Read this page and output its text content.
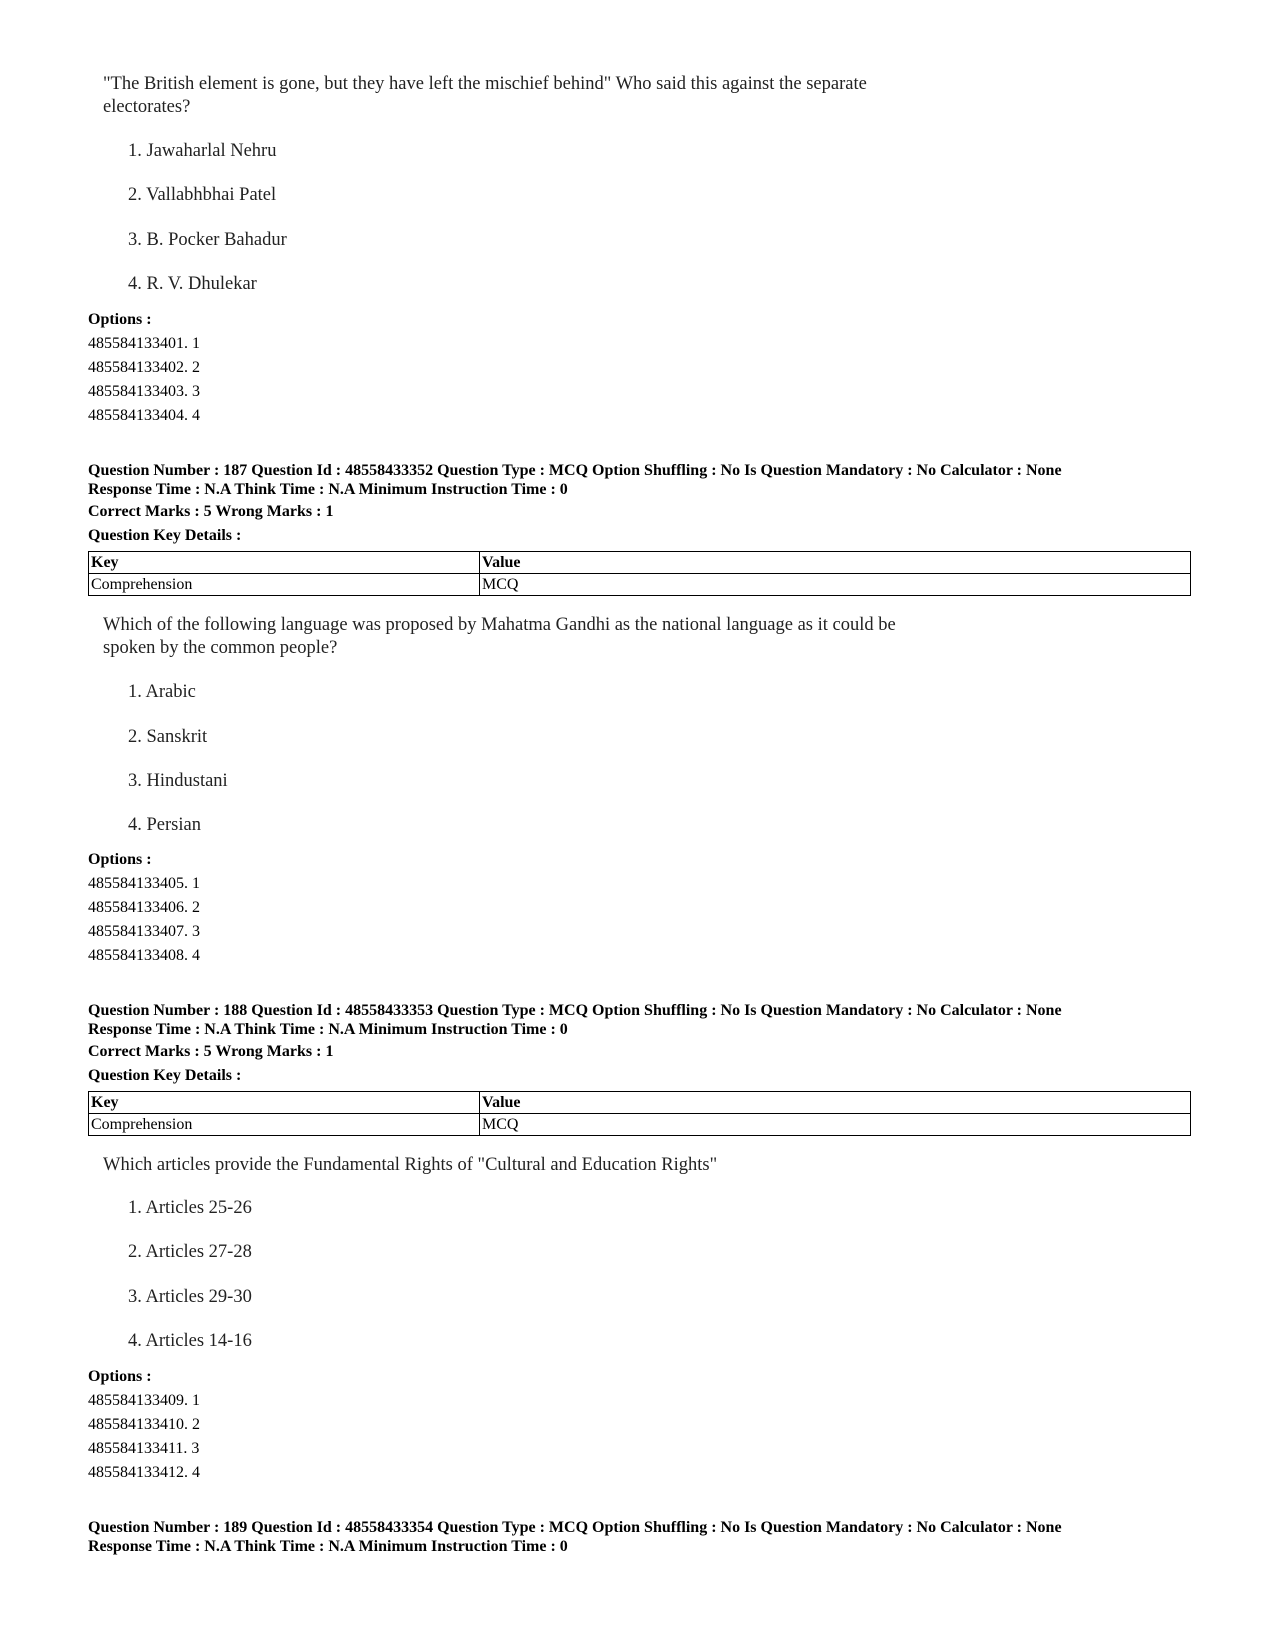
"The British element is gone, but they have left the mischief behind" Who said this against the separate
electorates?
1. Jawaharlal Nehru
2. Vallabhbhai Patel
3. B. Pocker Bahadur
4. R. V. Dhulekar
Options :
485584133401. 1
485584133402. 2
485584133403. 3
485584133404. 4
Question Number : 187 Question Id : 48558433352 Question Type : MCQ Option Shuffling : No Is Question Mandatory : No Calculator : None
Response Time : N.A Think Time : N.A Minimum Instruction Time : 0
Correct Marks : 5 Wrong Marks : 1
Question Key Details :
Key	Value
Comprehension	MCQ
Which of the following language was proposed by Mahatma Gandhi as the national language as it could be
spoken by the common people?
1. Arabic
2. Sanskrit
3. Hindustani
4. Persian
Options :
485584133405. 1
485584133406. 2
485584133407. 3
485584133408. 4
Question Number : 188 Question Id : 48558433353 Question Type : MCQ Option Shuffling : No Is Question Mandatory : No Calculator : None
Response Time : N.A Think Time : N.A Minimum Instruction Time : 0
Correct Marks : 5 Wrong Marks : 1
Question Key Details :
Key	Value
Comprehension	MCQ
Which articles provide the Fundamental Rights of "Cultural and Education Rights"
1. Articles 25-26
2. Articles 27-28
3. Articles 29-30
4. Articles 14-16
Options :
485584133409. 1
485584133410. 2
485584133411. 3
485584133412. 4
Question Number : 189 Question Id : 48558433354 Question Type : MCQ Option Shuffling : No Is Question Mandatory : No Calculator : None
Response Time : N.A Think Time : N.A Minimum Instruction Time : 0
